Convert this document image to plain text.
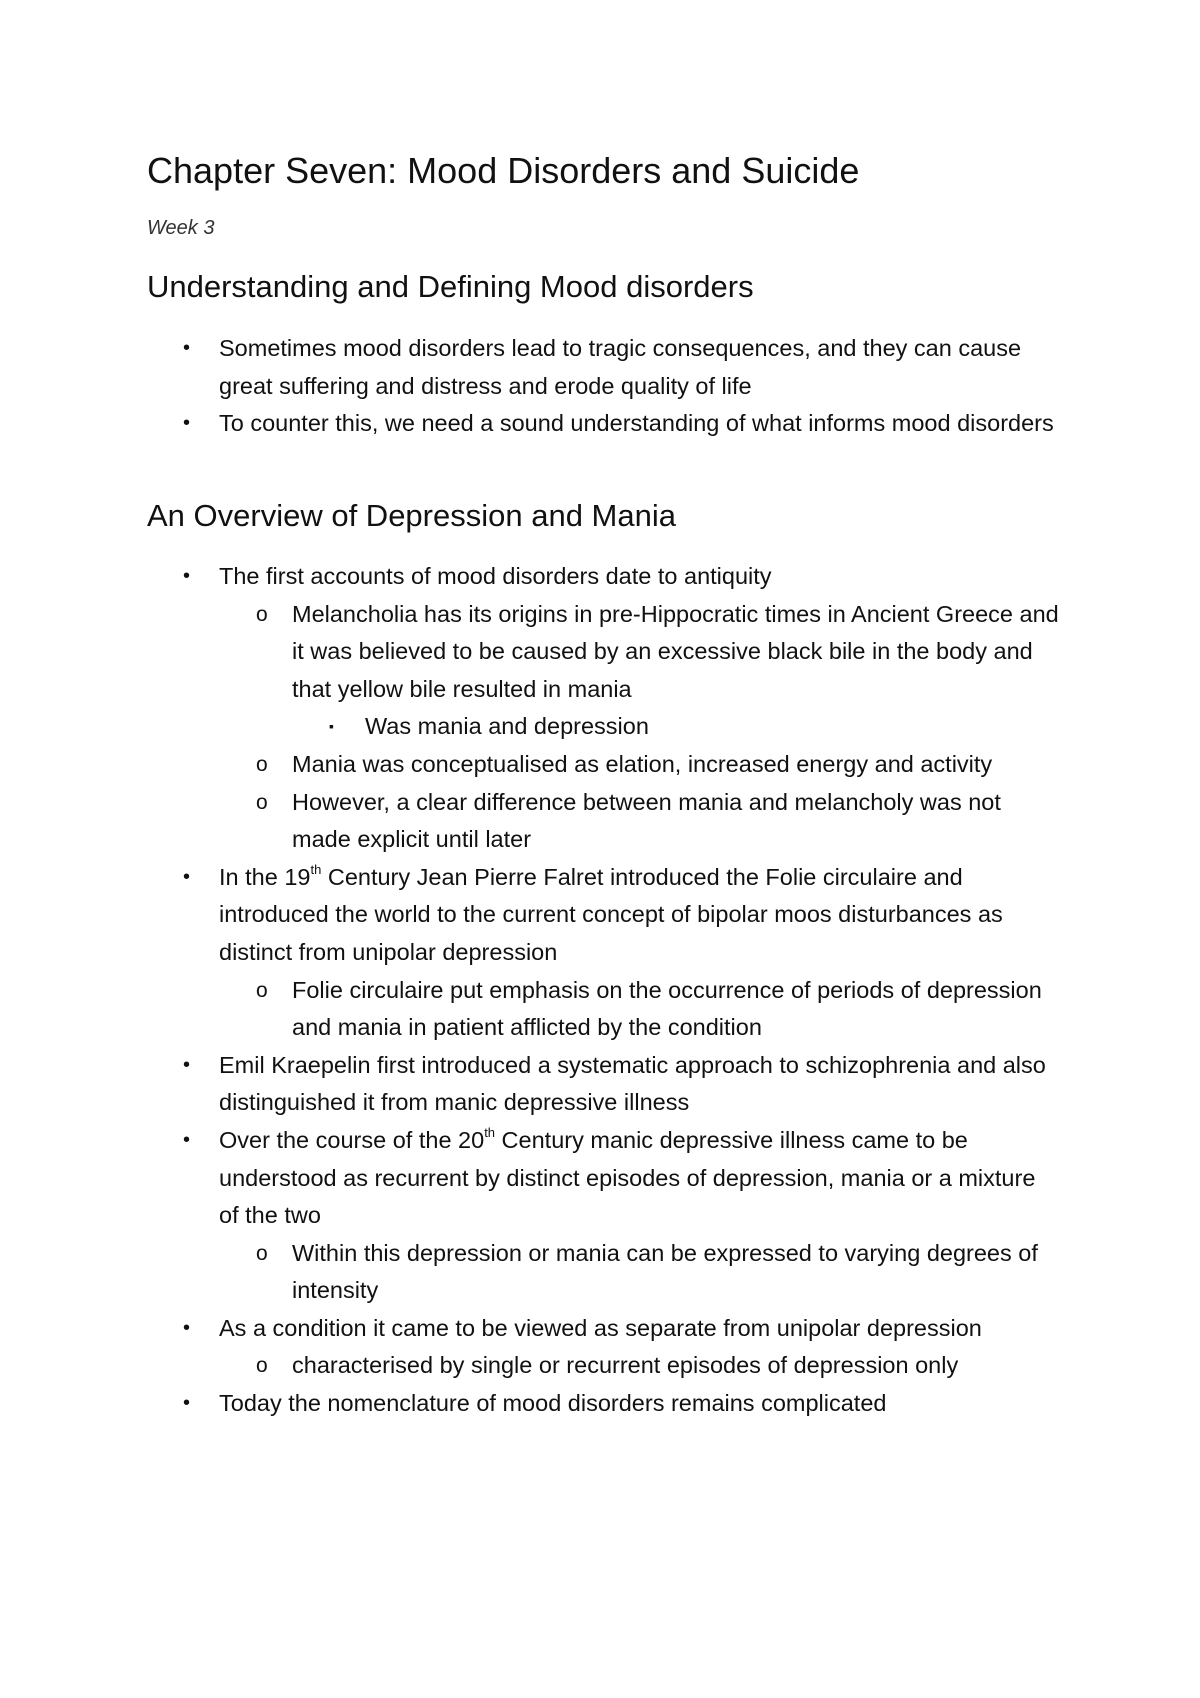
Chapter Seven: Mood Disorders and Suicide
Week 3
Understanding and Defining Mood disorders
• Sometimes mood disorders lead to tragic consequences, and they can cause great suffering and distress and erode quality of life
• To counter this, we need a sound understanding of what informs mood disorders
An Overview of Depression and Mania
• The first accounts of mood disorders date to antiquity
o Melancholia has its origins in pre-Hippocratic times in Ancient Greece and it was believed to be caused by an excessive black bile in the body and that yellow bile resulted in mania
▪ Was mania and depression
o Mania was conceptualised as elation, increased energy and activity
o However, a clear difference between mania and melancholy was not made explicit until later
• In the 19th Century Jean Pierre Falret introduced the Folie circulaire and introduced the world to the current concept of bipolar moos disturbances as distinct from unipolar depression
o Folie circulaire put emphasis on the occurrence of periods of depression and mania in patient afflicted by the condition
• Emil Kraepelin first introduced a systematic approach to schizophrenia and also distinguished it from manic depressive illness
• Over the course of the 20th Century manic depressive illness came to be understood as recurrent by distinct episodes of depression, mania or a mixture of the two
o Within this depression or mania can be expressed to varying degrees of intensity
• As a condition it came to be viewed as separate from unipolar depression
o characterised by single or recurrent episodes of depression only
• Today the nomenclature of mood disorders remains complicated
